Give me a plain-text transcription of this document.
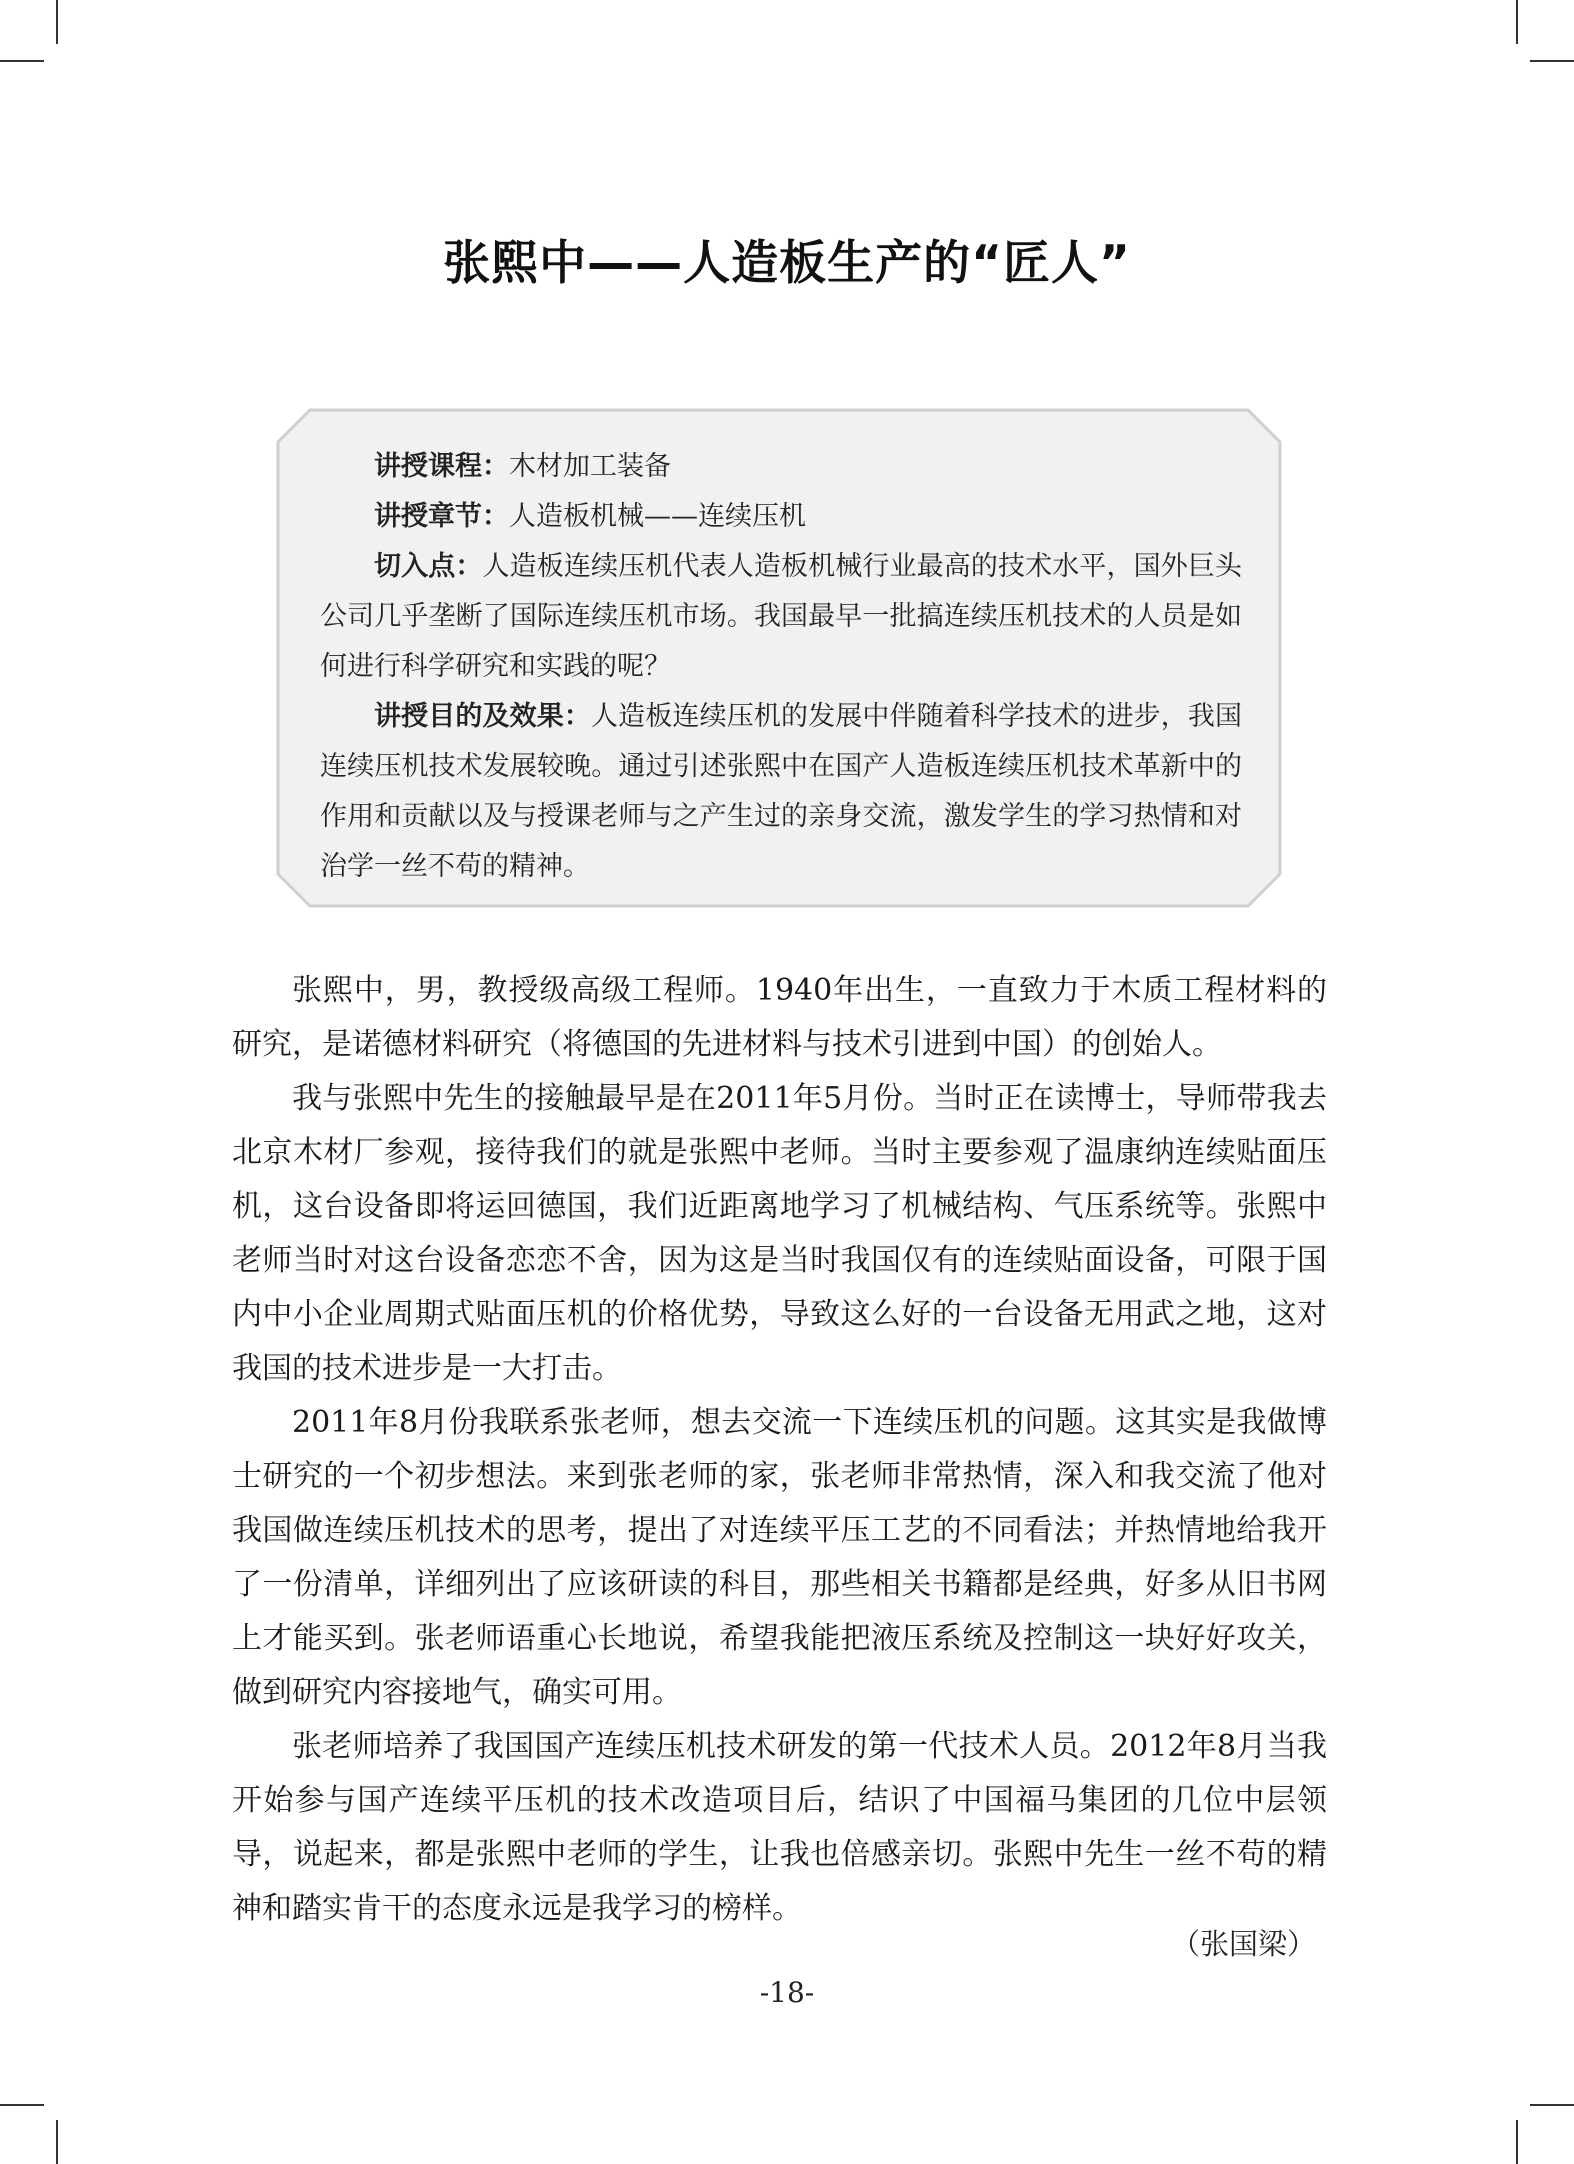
张熙中——人造板生产的“匠人”

讲授课程：木材加工装备

讲授章节：人造板机械——连续压机

切入点：人造板连续压机代表人造板机械行业最高的技术水平，国外巨头公司几乎垄断了国际连续压机市场。我国最早一批搞连续压机技术的人员是如何进行科学研究和实践的呢？

讲授目的及效果：人造板连续压机的发展中伴随着科学技术的进步，我国连续压机技术发展较晚。通过引述张熙中在国产人造板连续压机技术革新中的作用和贡献以及与授课老师与之产生过的亲身交流，激发学生的学习热情和对治学一丝不苟的精神。

张熙中，男，教授级高级工程师。1940年出生，一直致力于木质工程材料的研究，是诺德材料研究（将德国的先进材料与技术引进到中国）的创始人。

我与张熙中先生的接触最早是在2011年5月份。当时正在读博士，导师带我去北京木材厂参观，接待我们的就是张熙中老师。当时主要参观了温康纳连续贴面压机，这台设备即将运回德国，我们近距离地学习了机械结构、气压系统等。张熙中老师当时对这台设备恋恋不舍，因为这是当时我国仅有的连续贴面设备，可限于国内中小企业周期式贴面压机的价格优势，导致这么好的一台设备无用武之地，这对我国的技术进步是一大打击。

2011年8月份我联系张老师，想去交流一下连续压机的问题。这其实是我做博士研究的一个初步想法。来到张老师的家，张老师非常热情，深入和我交流了他对我国做连续压机技术的思考，提出了对连续平压工艺的不同看法；并热情地给我开了一份清单，详细列出了应该研读的科目，那些相关书籍都是经典，好多从旧书网上才能买到。张老师语重心长地说，希望我能把液压系统及控制这一块好好攻关，做到研究内容接地气，确实可用。

张老师培养了我国国产连续压机技术研发的第一代技术人员。2012年8月当我开始参与国产连续平压机的技术改造项目后，结识了中国福马集团的几位中层领导，说起来，都是张熙中老师的学生，让我也倍感亲切。张熙中先生一丝不苟的精神和踏实肯干的态度永远是我学习的榜样。

（张国梁）
-18-
